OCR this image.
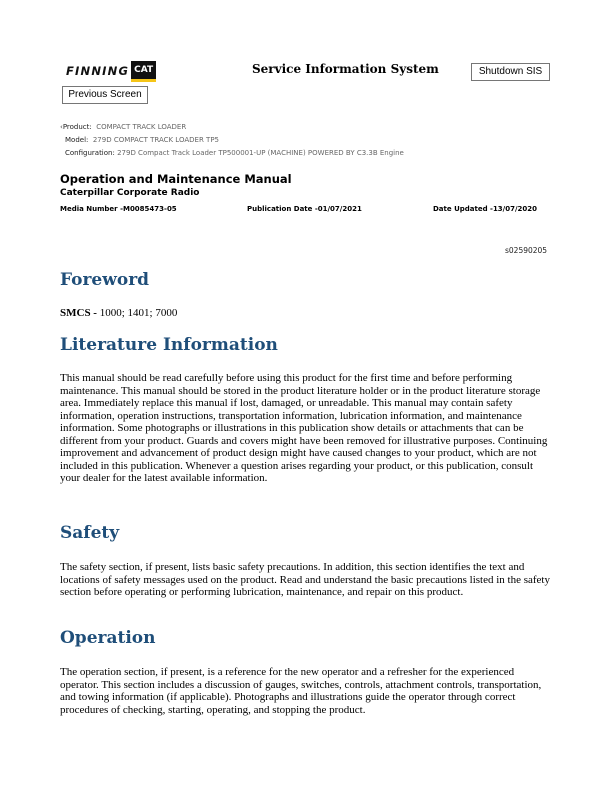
FINNING CAT	Service Information System	Shutdown SIS
Previous Screen
‹Product: COMPACT TRACK LOADER
Model: 279D COMPACT TRACK LOADER TP5
Configuration: 279D Compact Track Loader TP500001-UP (MACHINE) POWERED BY C3.3B Engine
Operation and Maintenance Manual
Caterpillar Corporate Radio
Media Number -M0085473-05	Publication Date -01/07/2021	Date Updated -13/07/2020
s02590205
Foreword
SMCS - 1000; 1401; 7000
Literature Information

This manual should be read carefully before using this product for the first time and before performing maintenance. This manual should be stored in the product literature holder or in the product literature storage area. Immediately replace this manual if lost, damaged, or unreadable. This manual may contain safety information, operation instructions, transportation information, lubrication information, and maintenance information. Some photographs or illustrations in this publication show details or attachments that can be different from your product. Guards and covers might have been removed for illustrative purposes. Continuing improvement and advancement of product design might have caused changes to your product, which are not included in this publication. Whenever a question arises regarding your product, or this publication, consult your dealer for the latest available information.

Safety

The safety section, if present, lists basic safety precautions. In addition, this section identifies the text and locations of safety messages used on the product. Read and understand the basic precautions listed in the safety section before operating or performing lubrication, maintenance, and repair on this product.

Operation

The operation section, if present, is a reference for the new operator and a refresher for the experienced operator. This section includes a discussion of gauges, switches, controls, attachment controls, transportation, and towing information (if applicable). Photographs and illustrations guide the operator through correct procedures of checking, starting, operating, and stopping the product.
